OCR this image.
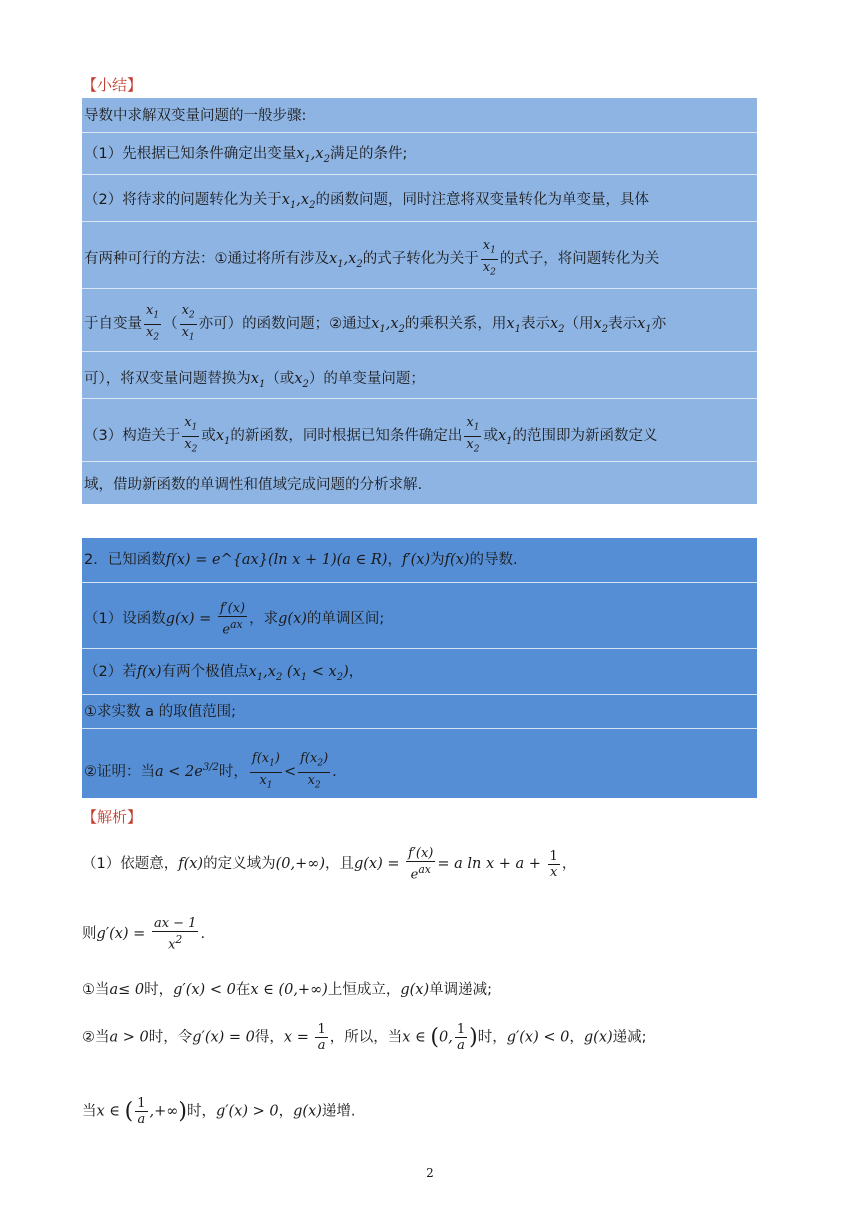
【小结】
导数中求解双变量问题的一般步骤:
（1）先根据已知条件确定出变量$x_1,x_2$满足的条件;
（2）将待求的问题转化为关于$x_1,x_2$的函数问题，同时注意将双变量转化为单变量，具体
有两种可行的方法：①通过将所有涉及$x_1,x_2$的式子转化为关于 $\frac{x_1}{x_2}$ 的式子，将问题转化为关
于自变量 $\frac{x_1}{x_2}$ （ $\frac{x_2}{x_1}$ 亦可）的函数问题；②通过$x_1,x_2$的乘积关系，用$x_1$表示$x_2$（用$x_2$表示$x_1$亦
可），将双变量问题替换为$x_1$（或$x_2$）的单变量问题；
（3）构造关于 $\frac{x_1}{x_2}$ 或$x_1$的新函数，同时根据已知条件确定出 $\frac{x_1}{x_2}$ 或$x_1$的范围即为新函数定义
域，借助新函数的单调性和值域完成问题的分析求解.
2．已知函数f(x) = e^{ax}(ln x + 1)(a ∈ R)，f′(x)为f(x)的导数.
（1）设函数$g(x) = \frac{f'(x)}{e^{ax}}$ ，求g(x)的单调区间;
（2）若f(x)有两个极值点$x_1,x_2$ $(x_1 < x_2)$，
①求实数 a 的取值范围;
②证明：当$a < 2e^{3/2}$时， $\frac{f(x_1)}{x_1} < \frac{f(x_2)}{x_2}$ .
【解析】
（1）依题意，f(x)的定义域为(0,+∞)，且$g(x) = \frac{f'(x)}{e^{ax}} = a$ $\ln x + a + \frac{1}{x}$ ，
则$g'(x) = \frac{ax - 1}{x^2}$ .
①当a≤ 0时，g′(x) < 0在x ∈ (0,+∞)上恒成立，g(x)单调递减;
②当a > 0时，令g′(x) = 0得，$x = \frac{1}{a}$ ，所以，当x ∈ (0, $\frac{1}{a}$ )时，g′(x) < 0，g(x)递减;
当x ∈ ( $\frac{1}{a}$ ,+∞)时，g′(x) > 0，g(x)递增.
2
